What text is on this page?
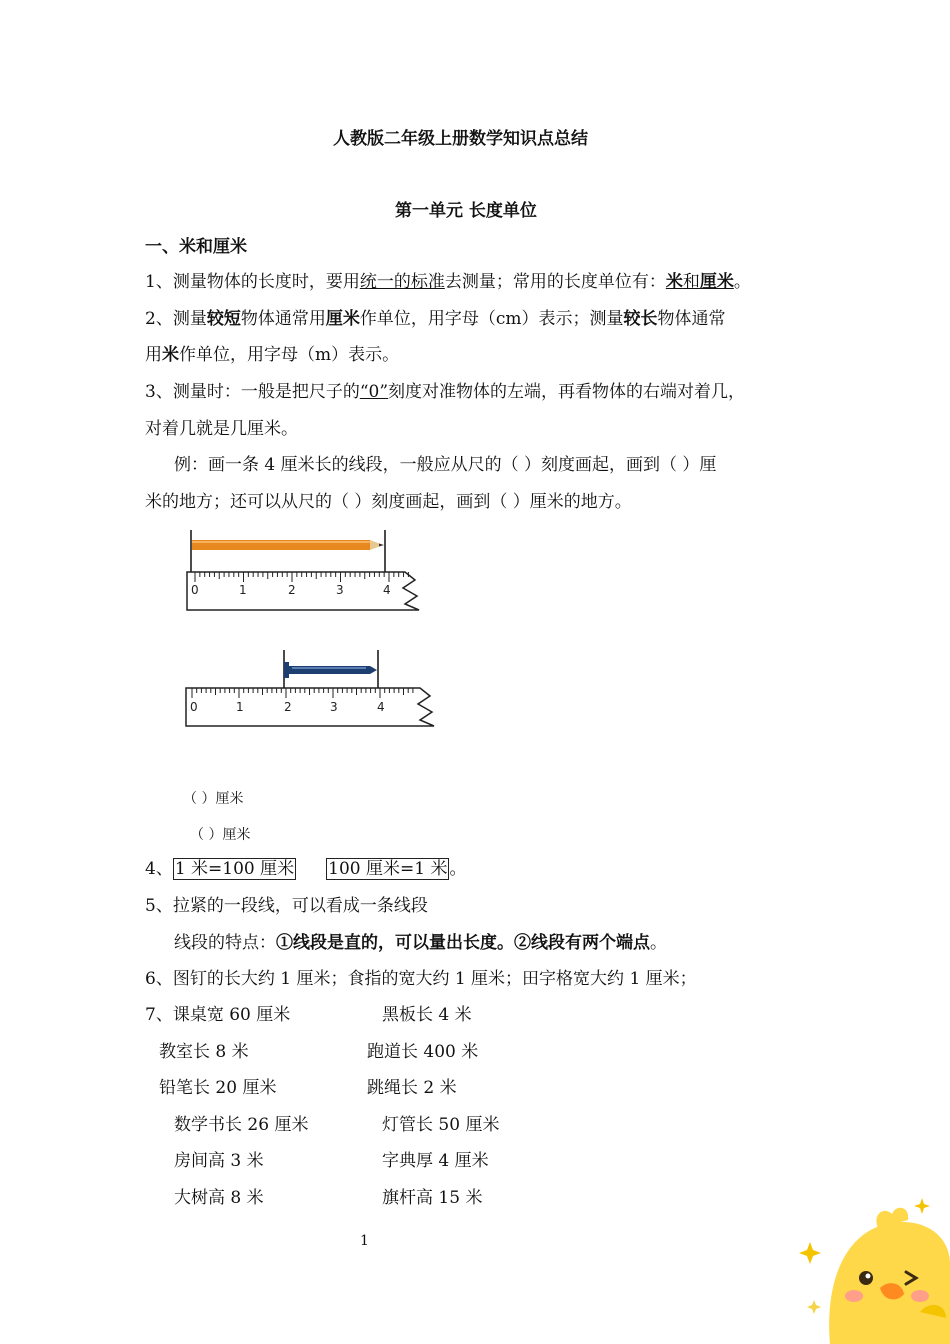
人教版二年级上册数学知识点总结
第一单元 长度单位
一、米和厘米
1、测量物体的长度时，要用统一的标准去测量；常用的长度单位有：米和厘米。
2、测量较短物体通常用厘米作单位，用字母（cm）表示；测量较长物体通常
用米作单位，用字母（m）表示。
3、测量时：一般是把尺子的“0”刻度对准物体的左端，再看物体的右端对着几，
对着几就是几厘米。
例：画一条 4 厘米长的线段，一般应从尺的（ ）刻度画起，画到（ ）厘
米的地方；还可以从尺的（ ）刻度画起，画到（ ）厘米的地方。
0	1	2	3	4
0	1	2	3	4
（ ）厘米
（ ）厘米
4、 1 米=100 厘米 100 厘米=1 米 。
5、拉紧的一段线，可以看成一条线段
线段的特点：①线段是直的，可以量出长度。②线段有两个端点。
6、图钉的长大约 1 厘米；食指的宽大约 1 厘米；田字格宽大约 1 厘米；
7、课桌宽 60 厘米	黑板长 4 米
教室长 8 米	跑道长 400 米
铅笔长 20 厘米	跳绳长 2 米
数学书长 26 厘米	灯管长 50 厘米
房间高 3 米	字典厚 4 厘米
大树高 8 米	旗杆高 15 米
1
